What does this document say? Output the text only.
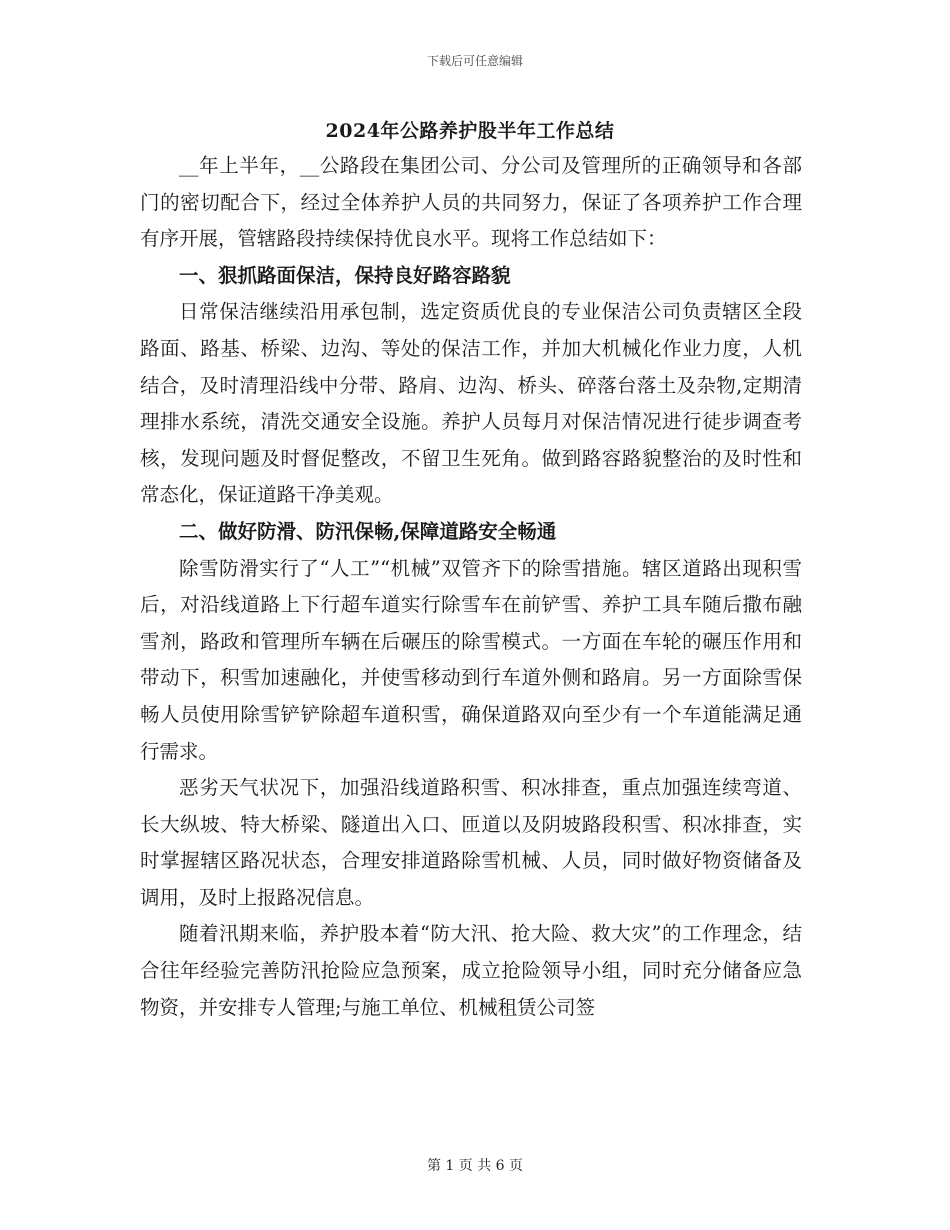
下载后可任意编辑
2024年公路养护股半年工作总结

__年上半年，__公路段在集团公司、分公司及管理所的正确领导和各部门的密切配合下，经过全体养护人员的共同努力，保证了各项养护工作合理有序开展，管辖路段持续保持优良水平。现将工作总结如下：

一、狠抓路面保洁，保持良好路容路貌

日常保洁继续沿用承包制，选定资质优良的专业保洁公司负责辖区全段路面、路基、桥梁、边沟、等处的保洁工作，并加大机械化作业力度，人机结合，及时清理沿线中分带、路肩、边沟、桥头、碎落台落土及杂物,定期清理排水系统，清洗交通安全设施。养护人员每月对保洁情况进行徒步调查考核，发现问题及时督促整改，不留卫生死角。做到路容路貌整治的及时性和常态化，保证道路干净美观。

二、做好防滑、防汛保畅,保障道路安全畅通

除雪防滑实行了“人工”“机械”双管齐下的除雪措施。辖区道路出现积雪后，对沿线道路上下行超车道实行除雪车在前铲雪、养护工具车随后撒布融雪剂，路政和管理所车辆在后碾压的除雪模式。一方面在车轮的碾压作用和带动下，积雪加速融化，并使雪移动到行车道外侧和路肩。另一方面除雪保畅人员使用除雪铲铲除超车道积雪，确保道路双向至少有一个车道能满足通行需求。

恶劣天气状况下，加强沿线道路积雪、积冰排查，重点加强连续弯道、长大纵坡、特大桥梁、隧道出入口、匝道以及阴坡路段积雪、积冰排查，实时掌握辖区路况状态，合理安排道路除雪机械、人员，同时做好物资储备及调用，及时上报路况信息。

随着汛期来临，养护股本着“防大汛、抢大险、救大灾”的工作理念，结合往年经验完善防汛抢险应急预案，成立抢险领导小组，同时充分储备应急物资，并安排专人管理;与施工单位、机械租赁公司签

第 1 页 共 6 页
